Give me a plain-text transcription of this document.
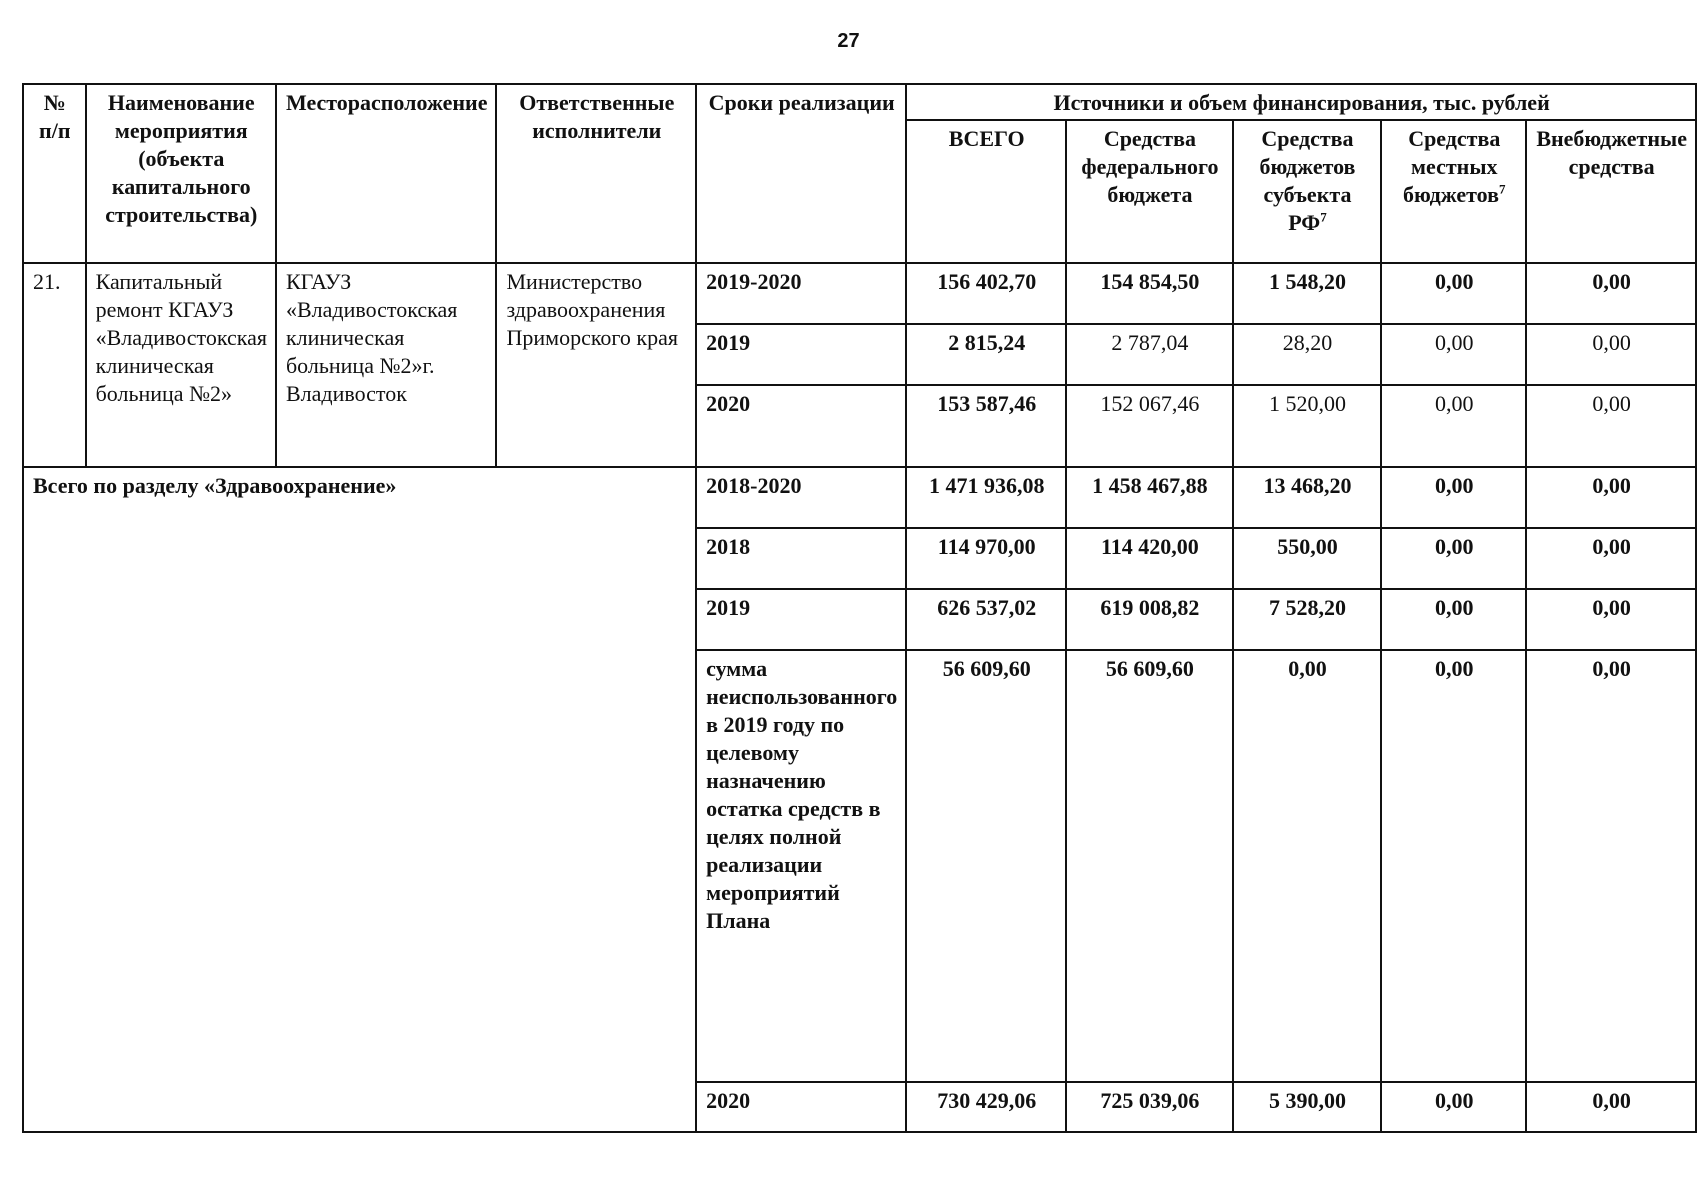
27
№ п/п	Наименование мероприятия (объекта капитального строительства)	Месторасположение	Ответственные исполнители	Сроки реализации	Источники и объем финансирования, тыс. рублей				
					ВСЕГО	Средства федерального бюджета	Средства бюджетов субъекта $РФ^7$	Средства местных бюджетов$^7$	Внебюджетные средства
21.	Капитальный ремонт КГАУЗ «Владивостокская клиническая больница №2»	КГАУЗ «Владивостокская клиническая больница №2»г. Владивосток	Министерство здравоохранения Приморского края	2019-2020	156 402,70	154 854,50	1 548,20	0,00	0,00
				2019	2 815,24	2 787,04	28,20	0,00	0,00
				2020	153 587,46	152 067,46	1 520,00	0,00	0,00
Всего по разделу «Здравоохранение»				2018-2020	1 471 936,08	1 458 467,88	13 468,20	0,00	0,00
				2018	114 970,00	114 420,00	550,00	0,00	0,00
				2019	626 537,02	619 008,82	7 528,20	0,00	0,00
				сумма неиспользованного в 2019 году по целевому назначению остатка средств в целях полной реализации мероприятий Плана	56 609,60	56 609,60	0,00	0,00	0,00
				2020	730 429,06	725 039,06	5 390,00	0,00	0,00
